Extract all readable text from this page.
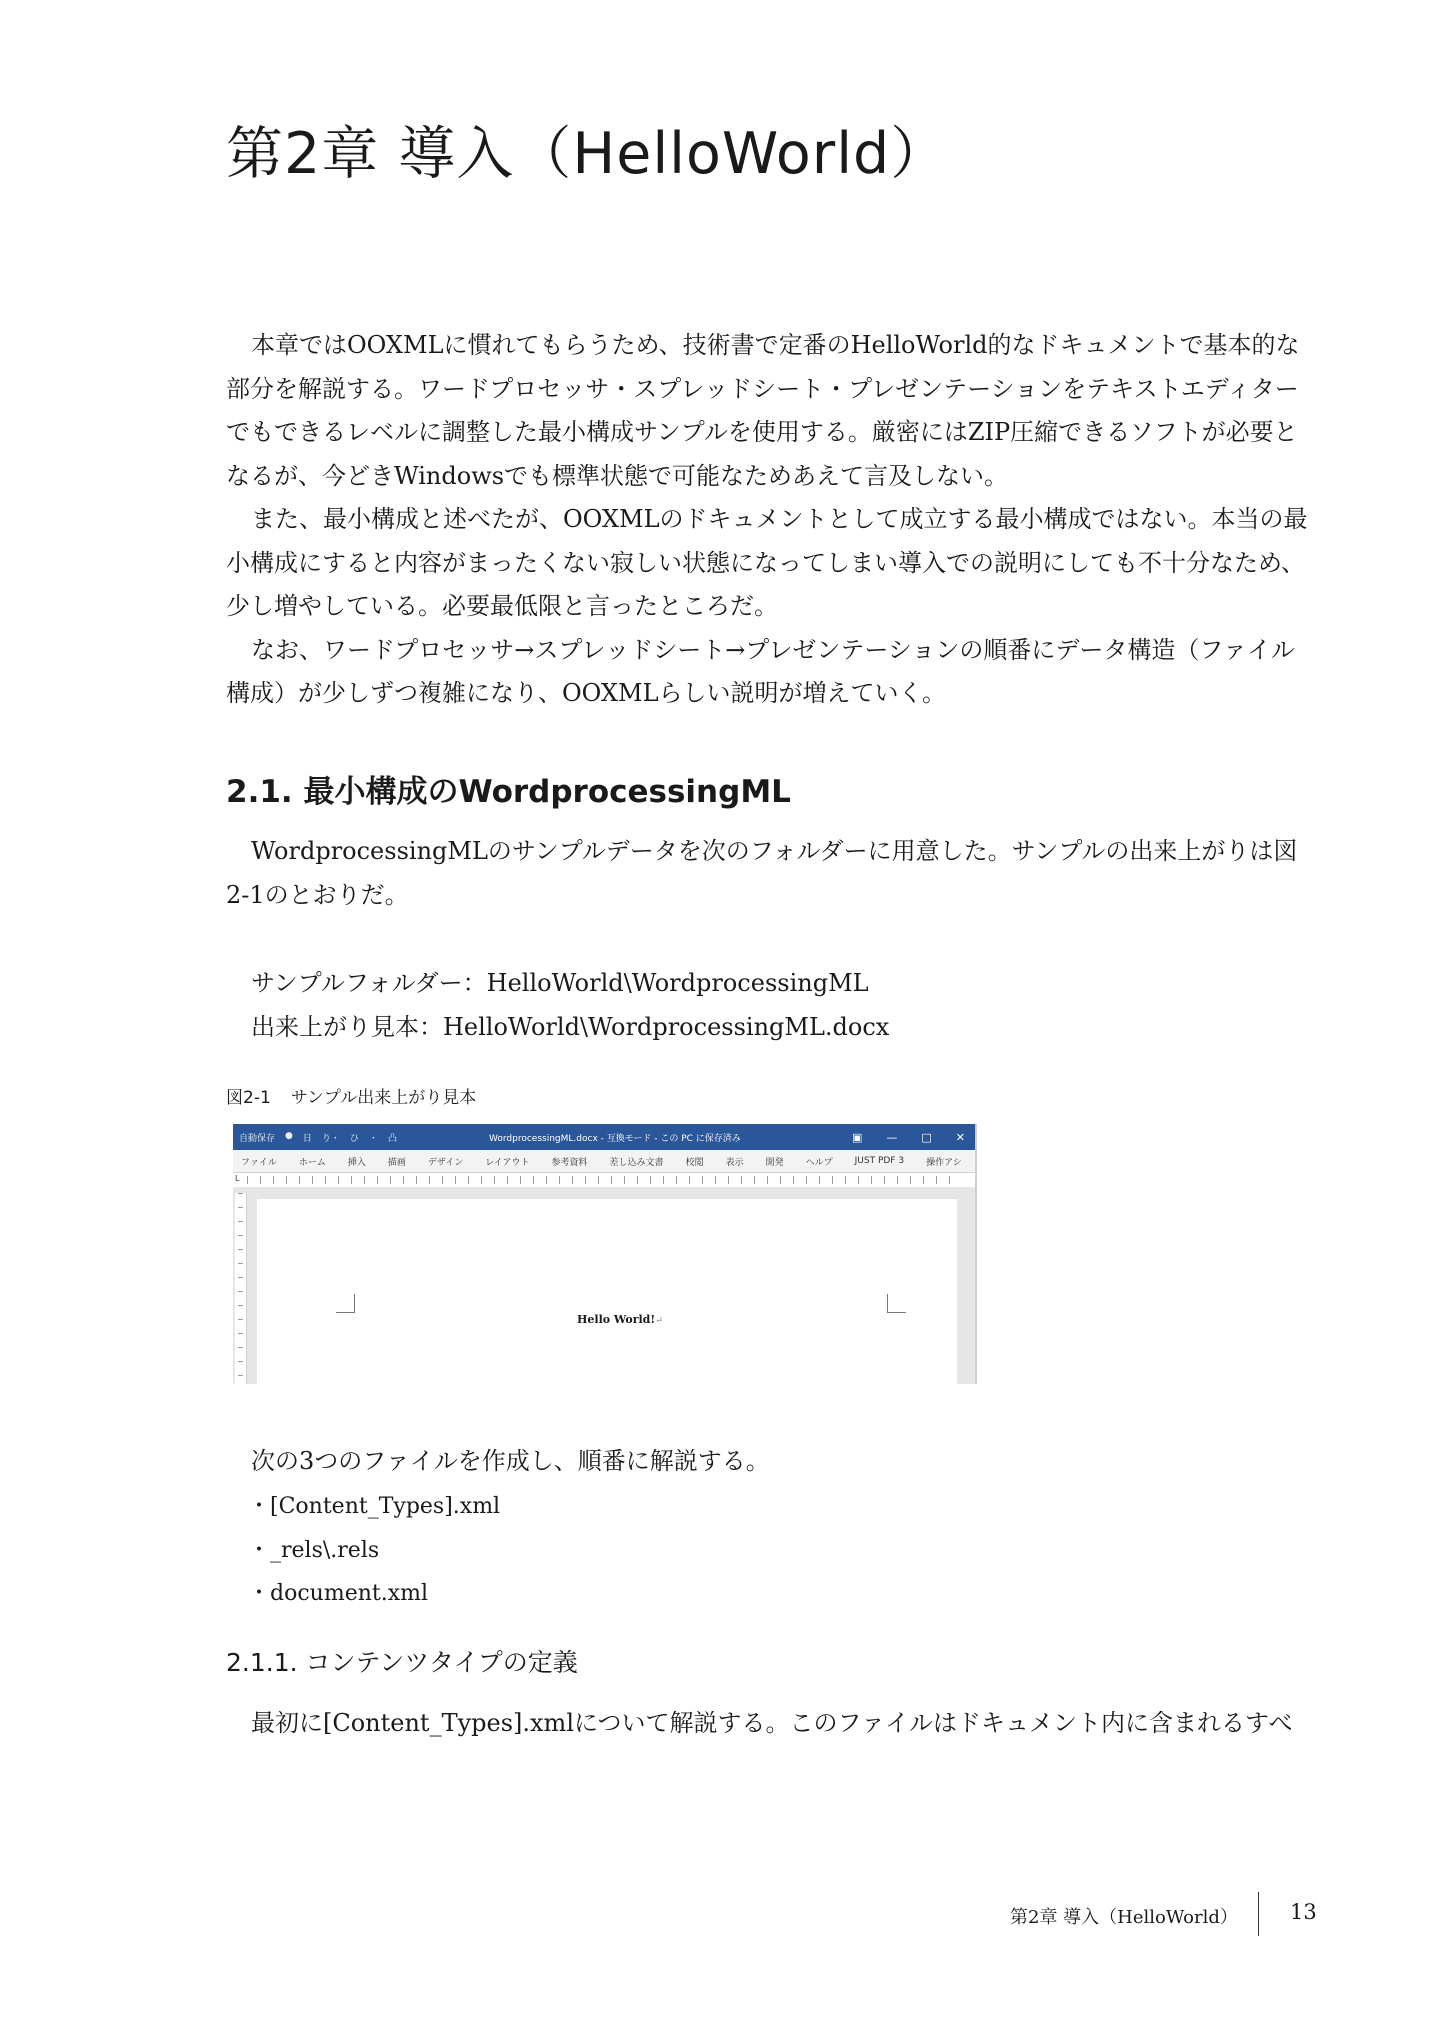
第2章 導入（HelloWorld）

本章ではOOXMLに慣れてもらうため、技術書で定番のHelloWorld的なドキュメントで基本的な部分を解説する。ワードプロセッサ・スプレッドシート・プレゼンテーションをテキストエディターでもできるレベルに調整した最小構成サンプルを使用する。厳密にはZIP圧縮できるソフトが必要となるが、今どきWindowsでも標準状態で可能なためあえて言及しない。

また、最小構成と述べたが、OOXMLのドキュメントとして成立する最小構成ではない。本当の最小構成にすると内容がまったくない寂しい状態になってしまい導入での説明にしても不十分なため、少し増やしている。必要最低限と言ったところだ。

なお、ワードプロセッサ→スプレッドシート→プレゼンテーションの順番にデータ構造（ファイル構成）が少しずつ複雑になり、OOXMLらしい説明が増えていく。

2.1. 最小構成のWordprocessingML

WordprocessingMLのサンプルデータを次のフォルダーに用意した。サンプルの出来上がりは図2-1のとおりだ。

サンプルフォルダー：HelloWorld\WordprocessingML
出来上がり見本：HelloWorld\WordprocessingML.docx
図2-1 サンプル出来上がり見本
自動保存 ● 日 り・ ひ ・ 凸	WordprocessingML.docx - 互換モード - この PC に保存済み	▣ — □ ✕
ファイル ホーム 挿入 描画 デザイン レイアウト 参考資料 差し込み文書 校閲 表示 開発 ヘルプ JUST PDF 3 操作アシ
L
Hello World!↵
次の3つのファイルを作成し、順番に解説する。
・ [Content_Types].xml
・ _rels\.rels
・ document.xml
2.1.1. コンテンツタイプの定義
最初に[Content_Types].xmlについて解説する。このファイルはドキュメント内に含まれるすべ
第2章 導入（HelloWorld） 13
